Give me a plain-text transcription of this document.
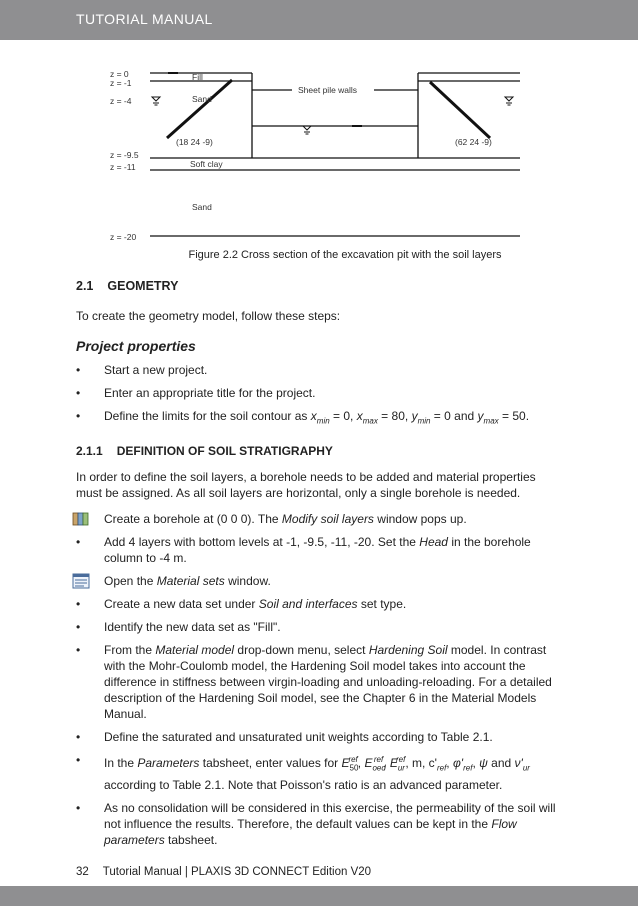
TUTORIAL MANUAL
z = 0
z = -1
z = -4
z = -9.5
z = -11
z = -20
Fill
Sand
Soft clay
Sand
Sheet pile walls
(18 24 -9)	(62 24 -9)
Figure 2.2 Cross section of the excavation pit with the soil layers
2.1 GEOMETRY

To create the geometry model, follow these steps:

Project properties
• Start a new project.
• Enter an appropriate title for the project.
• Define the limits for the soil contour as $x_{min} = 0$, $x_{max} = 80$, $y_{min} = 0$ and $y_{max} = 50$.
2.1.1 DEFINITION OF SOIL STRATIGRAPHY

In order to define the soil layers, a borehole needs to be added and material properties must be assigned. As all soil layers are horizontal, only a single borehole is needed.

Create a borehole at (0 0 0). The Modify soil layers window pops up.
• Add 4 layers with bottom levels at -1, -9.5, -11, -20. Set the Head in the borehole column to -4 m.
Open the Material sets window.
• Create a new data set under Soil and interfaces set type.
• Identify the new data set as "Fill".
• From the Material model drop-down menu, select Hardening Soil model. In contrast with the Mohr-Coulomb model, the Hardening Soil model takes into account the difference in stiffness between virgin-loading and unloading-reloading. For a detailed description of the Hardening Soil model, see the Chapter 6 in the Material Models Manual.
• Define the saturated and unsaturated unit weights according to Table 2.1.
• In the Parameters tabsheet, enter values for $E_{50}^{ref}$, $E_{oed}^{ref}$, $E_{ur}^{ref}$, m, $c'_{ref}$, $\varphi'_{ref}$, ψ and $\nu'_{ur}$ according to Table 2.1. Note that Poisson's ratio is an advanced parameter.
• As no consolidation will be considered in this exercise, the permeability of the soil will not influence the results. Therefore, the default values can be kept in the Flow parameters tabsheet.
32 Tutorial Manual | PLAXIS 3D CONNECT Edition V20
